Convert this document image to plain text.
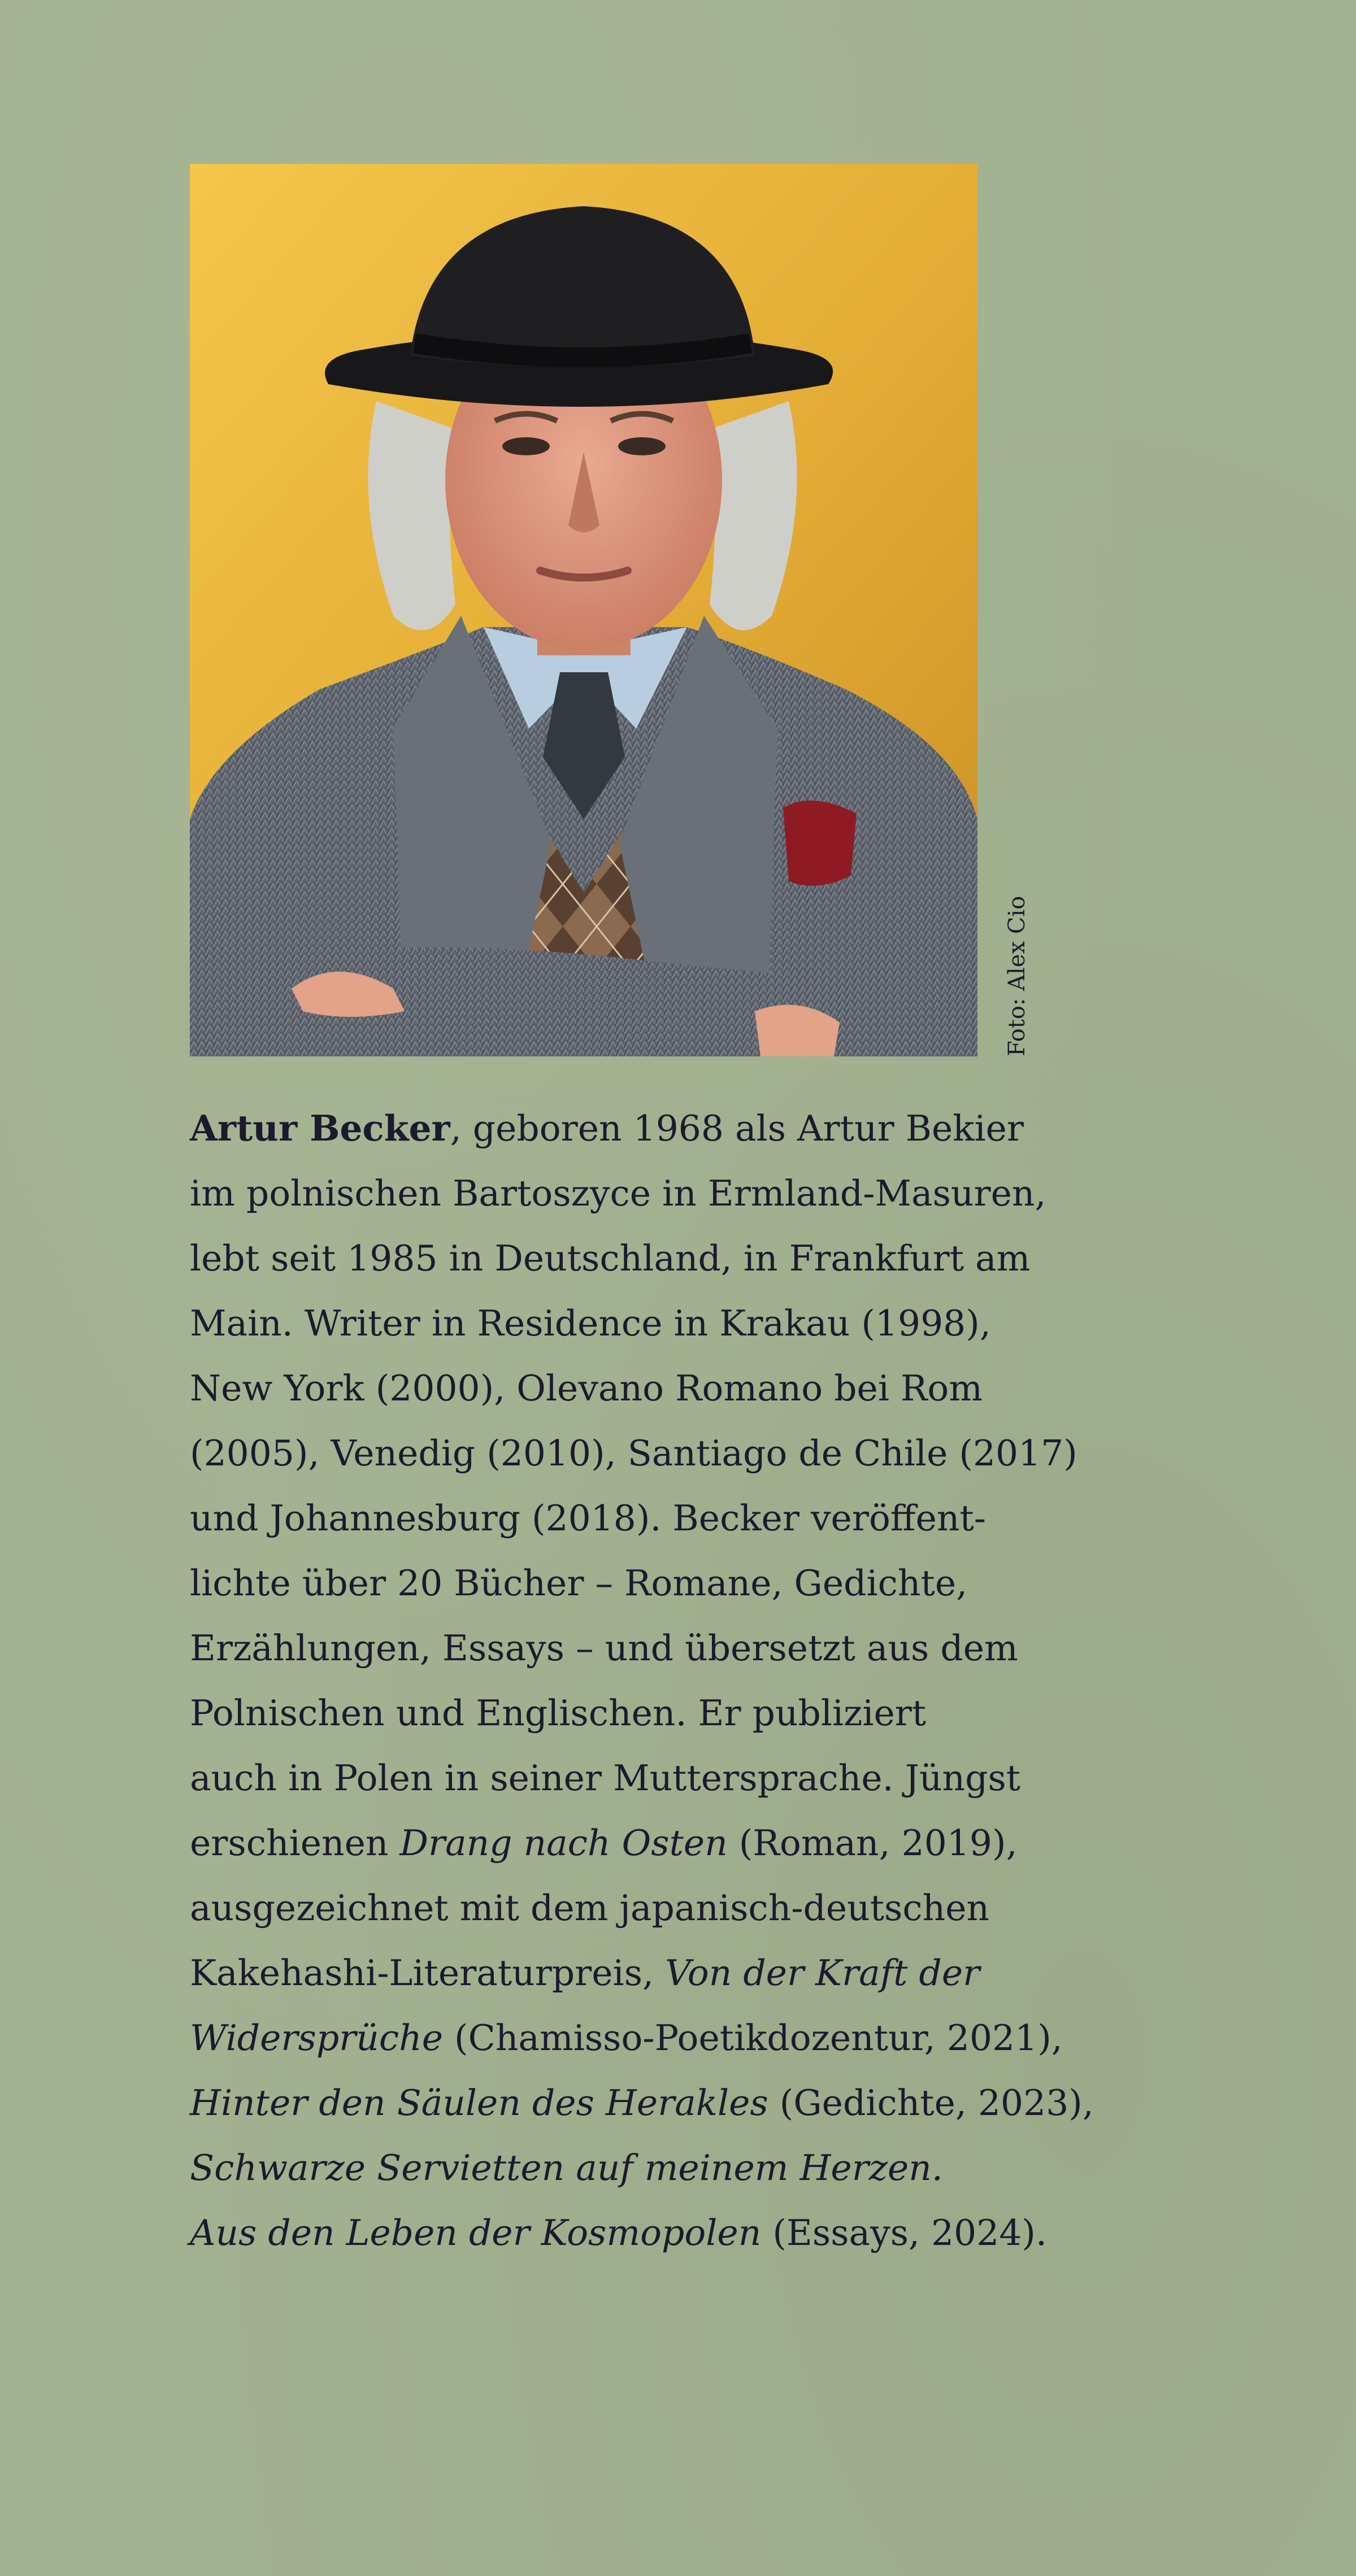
Foto: Alex Cio

Artur Becker, geboren 1968 als Artur Bekier
im polnischen Bartoszyce in Ermland-Masuren,
lebt seit 1985 in Deutschland, in Frankfurt am
Main. Writer in Residence in Krakau (1998),
New York (2000), Olevano Romano bei Rom
(2005), Venedig (2010), Santiago de Chile (2017)
und Johannesburg (2018). Becker veröffent-
lichte über 20 Bücher – Romane, Gedichte,
Erzählungen, Essays – und übersetzt aus dem
Polnischen und Englischen. Er publiziert
auch in Polen in seiner Muttersprache. Jüngst
erschienen Drang nach Osten (Roman, 2019),
ausgezeichnet mit dem japanisch-deutschen
Kakehashi-Literaturpreis, Von der Kraft der
Widersprüche (Chamisso-Poetikdozentur, 2021),
Hinter den Säulen des Herakles (Gedichte, 2023),
Schwarze Servietten auf meinem Herzen.
Aus den Leben der Kosmopolen (Essays, 2024).
